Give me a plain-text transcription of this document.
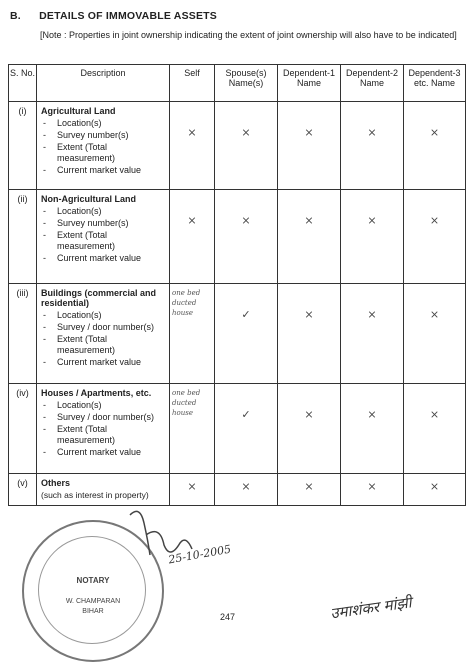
B. DETAILS OF IMMOVABLE ASSETS
[Note : Properties in joint ownership indicating the extent of joint ownership will also have to be indicated]
S. No.	Description	Self	Spouse(s) Name(s)	Dependent-1 Name	Dependent-2 Name	Dependent-3 etc. Name
(i)	Agricultural Land
- Location(s)
- Survey number(s)
- Extent (Total measurement)
- Current market value	×	×	×	×	×
(ii)	Non-Agricultural Land
- Location(s)
- Survey number(s)
- Extent (Total measurement)
- Current market value	×	×	×	×	×
(iii)	Buildings (commercial and residential)
- Location(s)
- Survey / door number(s)
- Extent (Total measurement)
- Current market value	one bed ducted house	✓	×	×	×
(iv)	Houses / Apartments, etc.
- Location(s)
- Survey / door number(s)
- Extent (Total measurement)
- Current market value	one bed ducted house	✓	×	×	×
(v)	Others
(such as interest in property)	×	×	×	×	×
NOTARY
W. CHAMPARAN
BIHAR
25-10-2005
उमाशंकर मांझी
247
